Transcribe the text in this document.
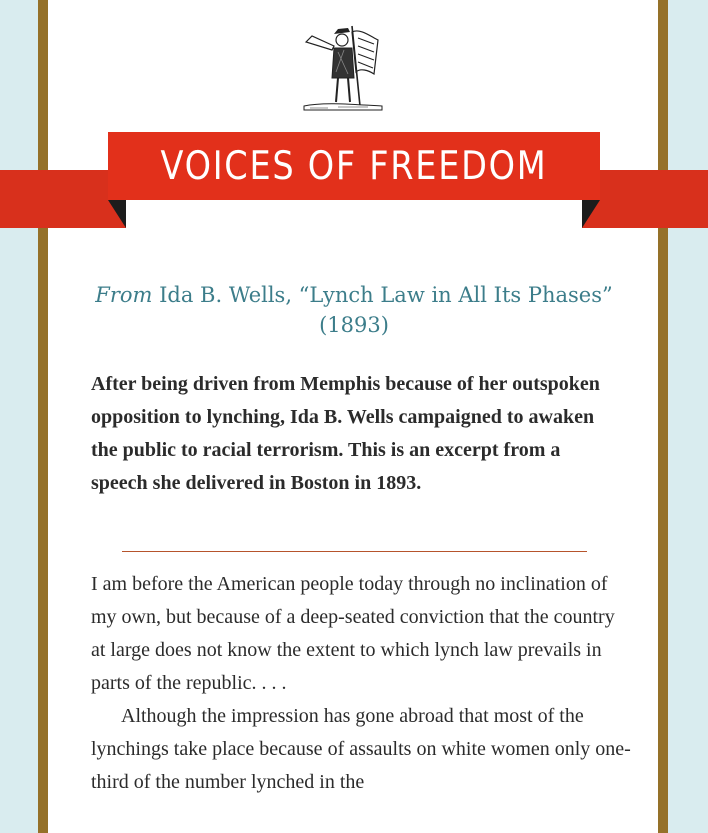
VOICES OF FREEDOM
From Ida B. Wells, “Lynch Law in All Its Phases” (1893)
After being driven from Memphis because of her outspoken opposition to lynching, Ida B. Wells campaigned to awaken the public to racial terrorism. This is an excerpt from a speech she delivered in Boston in 1893.

I am before the American people today through no inclination of my own, but because of a deep-seated conviction that the country at large does not know the extent to which lynch law prevails in parts of the republic. . . .

Although the impression has gone abroad that most of the lynchings take place because of assaults on white women only one-third of the number lynched in the
